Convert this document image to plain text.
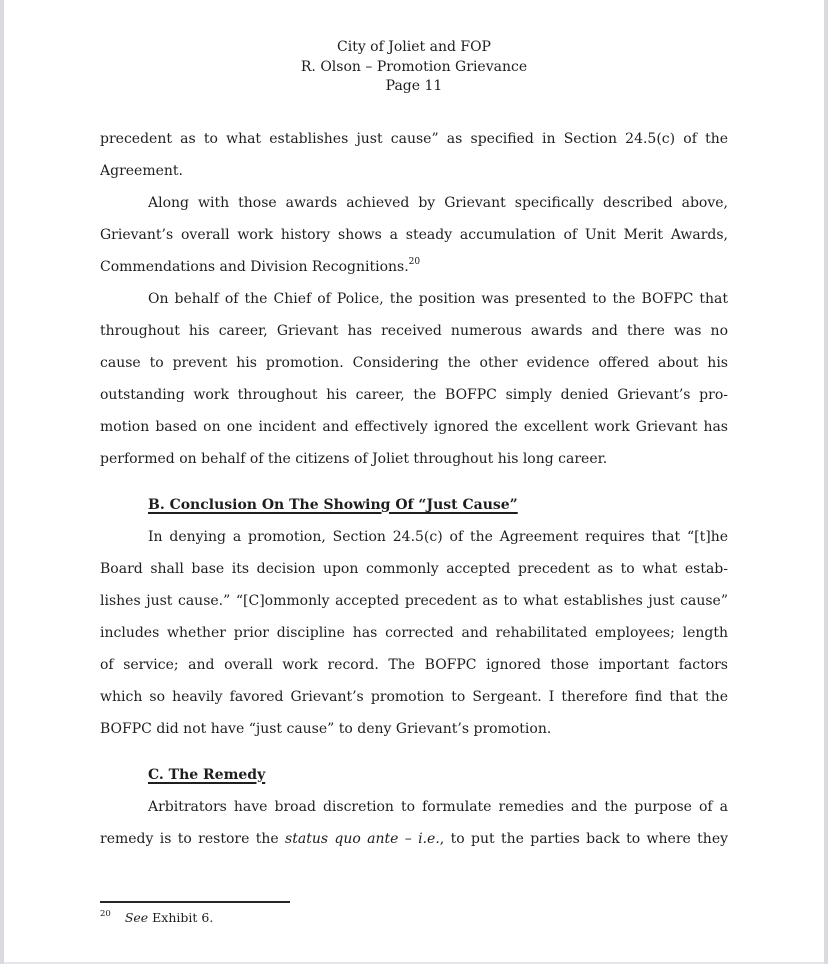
City of Joliet and FOP
R. Olson – Promotion Grievance
Page 11
precedent as to what establishes just cause” as specified in Section 24.5(c) of the
Agreement.
Along with those awards achieved by Grievant specifically described above,
Grievant’s overall work history shows a steady accumulation of Unit Merit Awards,
Commendations and Division Recognitions.$^{20}$
On behalf of the Chief of Police, the position was presented to the BOFPC that
throughout his career, Grievant has received numerous awards and there was no
cause to prevent his promotion. Considering the other evidence offered about his
outstanding work throughout his career, the BOFPC simply denied Grievant’s pro-
motion based on one incident and effectively ignored the excellent work Grievant has
performed on behalf of the citizens of Joliet throughout his long career.
B. Conclusion On The Showing Of “Just Cause”
In denying a promotion, Section 24.5(c) of the Agreement requires that “[t]he
Board shall base its decision upon commonly accepted precedent as to what estab-
lishes just cause.” “[C]ommonly accepted precedent as to what establishes just cause”
includes whether prior discipline has corrected and rehabilitated employees; length
of service; and overall work record. The BOFPC ignored those important factors
which so heavily favored Grievant’s promotion to Sergeant. I therefore find that the
BOFPC did not have “just cause” to deny Grievant’s promotion.
C. The Remedy
Arbitrators have broad discretion to formulate remedies and the purpose of a
remedy is to restore the status quo ante – i.e., to put the parties back to where they
$^{20}$ See Exhibit 6.
